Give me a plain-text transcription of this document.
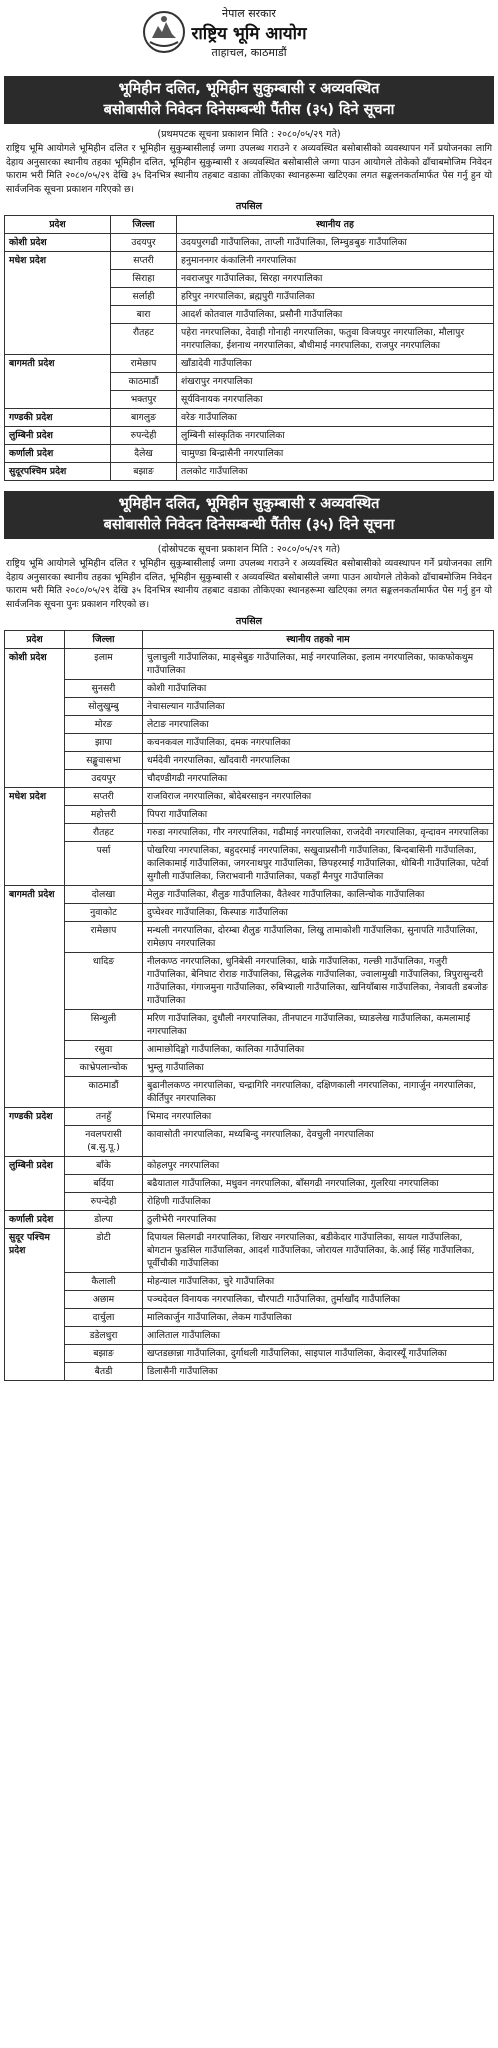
नेपाल सरकार
राष्ट्रिय भूमि आयोग
ताहाचल, काठमाडौं
भूमिहीन दलित, भूमिहीन सुकुम्बासी र अव्यवस्थित
बसोबासीले निवेदन दिनेसम्बन्धी पैंतीस (३५) दिने सूचना
(प्रथमपटक सूचना प्रकाशन मिति : २०८०/०५/२९ गते)
राष्ट्रिय भूमि आयोगले भूमिहीन दलित र भूमिहीन सुकुम्बासीलाई जग्गा उपलब्ध गराउने र अव्यवस्थित बसोबासीको व्यवस्थापन गर्ने प्रयोजनका लागि देहाय अनुसारका स्थानीय तहका भूमिहीन दलित, भूमिहीन सुकुम्बासी र अव्यवस्थित बसोबासीले जग्गा पाउन आयोगले तोकेको ढाँचाबमोजिम निवेदन फाराम भरी मिति २०८०/०५/२९ देखि ३५ दिनभित्र स्थानीय तहबाट वडाका तोकिएका स्थानहरूमा खटिएका लगत सङ्कलनकर्तामार्फत पेस गर्नु हुन यो सार्वजनिक सूचना प्रकाशन गरिएको छ।
तपसिल
प्रदेश	जिल्ला	स्थानीय तह
कोशी प्रदेश	उदयपुर	उदयपुरगढी गाउँपालिका, ताप्ली गाउँपालिका, लिम्चुङबुङ गाउँपालिका
मधेश प्रदेश	सप्तरी	हनुमाननगर कंकालिनी नगरपालिका
	सिराहा	नवराजपुर गाउँपालिका, सिरहा नगरपालिका
	सर्लाही	हरिपुर नगरपालिका, ब्रह्मपुरी गाउँपालिका
	बारा	आदर्श कोतवाल गाउँपालिका, प्रसौनी गाउँपालिका
	रौतहट	पहेरा नगरपालिका, देवाही गोनाही नगरपालिका, फतुवा विजयपुर नगरपालिका, मौलापुर नगरपालिका, ईशनाथ नगरपालिका, बौधीमाई नगरपालिका, राजपुर नगरपालिका
बागमती प्रदेश	रामेछाप	खाँडादेवी गाउँपालिका
	काठमाडौं	शंखरापुर नगरपालिका
	भक्तपुर	सूर्यविनायक नगरपालिका
गण्डकी प्रदेश	बागलुङ	वरेङ गाउँपालिका
लुम्बिनी प्रदेश	रुपन्देही	लुम्बिनी सांस्कृतिक नगरपालिका
कर्णाली प्रदेश	दैलेख	चामुण्डा बिन्द्रासैनी नगरपालिका
सुदूरपश्चिम प्रदेश	बझाङ	तलकोट गाउँपालिका
भूमिहीन दलित, भूमिहीन सुकुम्बासी र अव्यवस्थित
बसोबासीले निवेदन दिनेसम्बन्धी पैंतीस (३५) दिने सूचना
(दोस्रोपटक सूचना प्रकाशन मिति : २०८०/०५/२९ गते)
राष्ट्रिय भूमि आयोगले भूमिहीन दलित र भूमिहीन सुकुम्बासीलाई जग्गा उपलब्ध गराउने र अव्यवस्थित बसोबासीको व्यवस्थापन गर्ने प्रयोजनका लागि देहाय अनुसारका स्थानीय तहका भूमिहीन दलित, भूमिहीन सुकुम्बासी र अव्यवस्थित बसोबासीले जग्गा पाउन आयोगले तोकेको ढाँचाबमोजिम निवेदन फाराम भरी मिति २०८०/०५/२९ देखि ३५ दिनभित्र स्थानीय तहबाट वडाका तोकिएका स्थानहरूमा खटिएका लगत सङ्कलनकर्तामार्फत पेस गर्नु हुन यो सार्वजनिक सूचना पुनः प्रकाशन गरिएको छ।
तपसिल
प्रदेश	जिल्ला	स्थानीय तहको नाम
कोशी प्रदेश	इलाम	चुलाचुली गाउँपालिका, माङ्सेबुङ गाउँपालिका, माई नगरपालिका, इलाम नगरपालिका, फाकफोकथुम गाउँपालिका
	सुनसरी	कोशी गाउँपालिका
	सोलुखुम्बु	नेचासल्यान गाउँपालिका
	मोरङ	लेटाङ नगरपालिका
	झापा	कचनकवल गाउँपालिका, दमक नगरपालिका
	सङ्खुवासभा	धर्मदेवी नगरपालिका, खाँदवारी नगरपालिका
	उदयपुर	चौदण्डीगढी नगरपालिका
मधेश प्रदेश	सप्तरी	राजविराज नगरपालिका, बोदेबरसाइन नगरपालिका
	महोत्तरी	पिपरा गाउँपालिका
	रौतहट	गरुडा नगरपालिका, गौर नगरपालिका, गढीमाई नगरपालिका, राजदेवी नगरपालिका, वृन्दावन नगरपालिका
	पर्सा	पोखरिया नगरपालिका, बहुदरमाई नगरपालिका, सखुवाप्रसौनी गाउँपालिका, बिन्दबासिनी गाउँपालिका, कालिकामाई गाउँपालिका, जगरनाथपुर गाउँपालिका, छिपहरमाई गाउँपालिका, धोबिनी गाउँपालिका, पटेर्वा सुगौली गाउँपालिका, जिराभवानी गाउँपालिका, पकहाँ मैनपुर गाउँपालिका
बागमती प्रदेश	दोलखा	मेलुङ गाउँपालिका, शैलुङ गाउँपालिका, वैतेश्वर गाउँपालिका, कालिन्चोक गाउँपालिका
	नुवाकोट	दुप्चेश्वर गाउँपालिका, किस्पाङ गाउँपालिका
	रामेछाप	मन्थली नगरपालिका, दोरम्बा शैलुङ गाउँपालिका, लिखु तामाकोशी गाउँपालिका, सुनापति गाउँपालिका, रामेछाप नगरपालिका
	धादिङ	नीलकण्ठ नगरपालिका, धुनिबेसी नगरपालिका, थाक्रे गाउँपालिका, गल्छी गाउँपालिका, गजुरी गाउँपालिका, बेनिघाट रोराङ गाउँपालिका, सिद्धलेक गाउँपालिका, ज्वालामुखी गाउँपालिका, त्रिपुरासुन्दरी गाउँपालिका, गंगाजमुना गाउँपालिका, रुबिभ्याली गाउँपालिका, खनियाँबास गाउँपालिका, नेत्रावती डबजोङ गाउँपालिका
	सिन्धुली	मरिण गाउँपालिका, दुधौली नगरपालिका, तीनपाटन गाउँपालिका, घ्याङलेख गाउँपालिका, कमलामाई नगरपालिका
	रसुवा	आमाछोदिङ्मो गाउँपालिका, कालिका गाउँपालिका
	काभ्रेपलान्चोक	भुम्लु गाउँपालिका
	काठमाडौं	बुढानीलकण्ठ नगरपालिका, चन्द्रागिरि नगरपालिका, दक्षिणकाली नगरपालिका, नागार्जुन नगरपालिका, कीर्तिपुर नगरपालिका
गण्डकी प्रदेश	तनहुँ	भिमाद नगरपालिका
	नवलपरासी (ब.सु.पू.)	कावासोती नगरपालिका, मध्यबिन्दु नगरपालिका, देवचुली नगरपालिका
लुम्बिनी प्रदेश	बाँके	कोहलपुर नगरपालिका
	बर्दिया	बढैयाताल गाउँपालिका, मधुवन नगरपालिका, बाँसगढी नगरपालिका, गुलरिया नगरपालिका
	रुपन्देही	रोहिणी गाउँपालिका
कर्णाली प्रदेश	डोल्पा	ठुलीभेरी नगरपालिका
सुदूर पश्चिम प्रदेश	डोटी	दिपायल सिलगढी नगरपालिका, शिखर नगरपालिका, बडीकेदार गाउँपालिका, सायल गाउँपालिका, बोगटान फुडसिल गाउँपालिका, आदर्श गाउँपालिका, जोरायल गाउँपालिका, के.आई सिंह गाउँपालिका, पूर्वीचौकी गाउँपालिका
	कैलाली	मोहन्याल गाउँपालिका, चुरे गाउँपालिका
	अछाम	पञ्चदेवल विनायक नगरपालिका, चौरपाटी गाउँपालिका, तुर्माखाँद गाउँपालिका
	दार्चुला	मालिकार्जुन गाउँपालिका, लेकम गाउँपालिका
	डडेलधुरा	आलिताल गाउँपालिका
	बझाङ	खप्तडछान्ना गाउँपालिका, दुर्गाथली गाउँपालिका, साइपाल गाउँपालिका, केदारस्यूँ गाउँपालिका
	बैतडी	डिलासैनी गाउँपालिका
